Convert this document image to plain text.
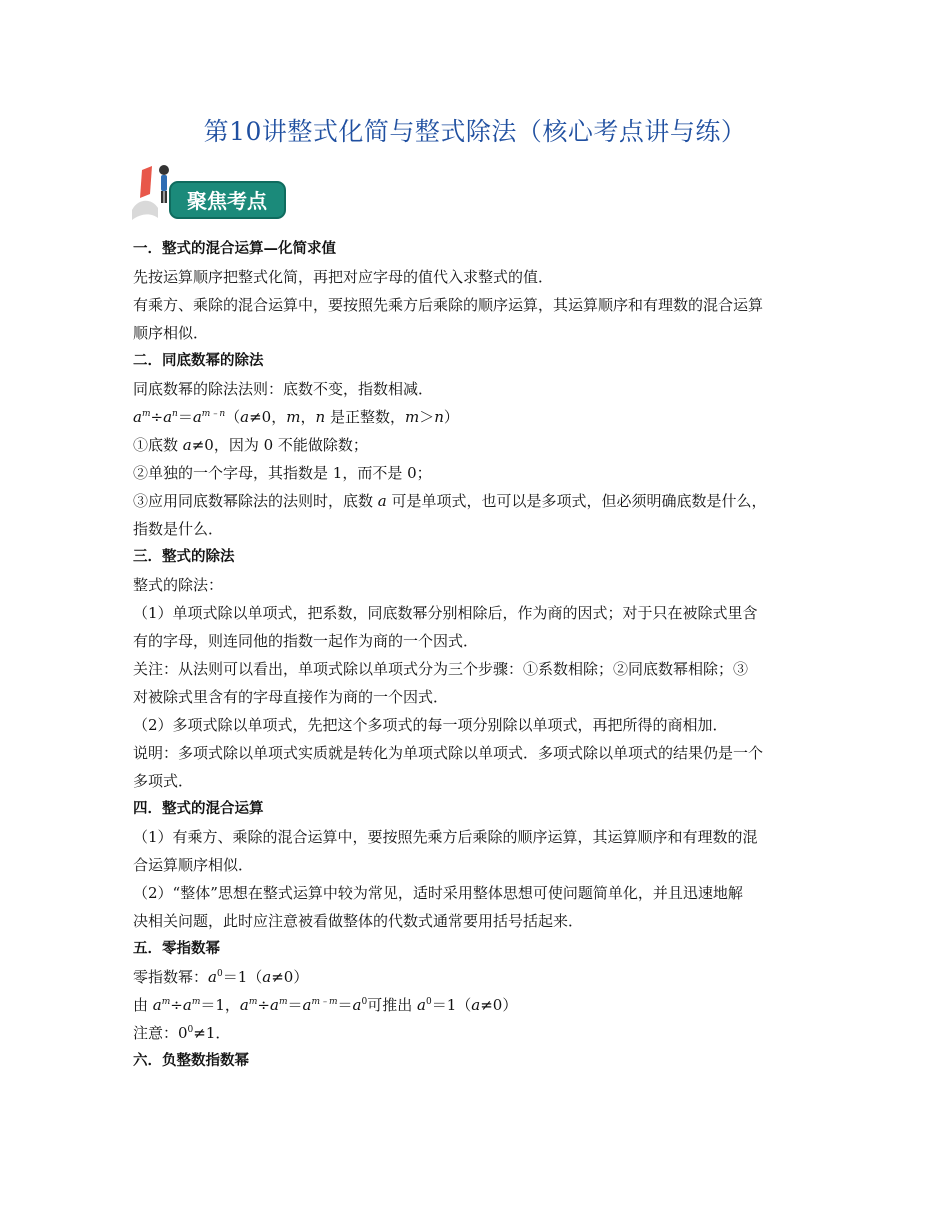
第10讲整式化简与整式除法（核心考点讲与练）
聚焦考点

一．整式的混合运算—化简求值

先按运算顺序把整式化简，再把对应字母的值代入求整式的值．

有乘方、乘除的混合运算中，要按照先乘方后乘除的顺序运算，其运算顺序和有理数的混合运算

顺序相似．

二．同底数幂的除法

同底数幂的除法法则：底数不变，指数相减．

$a^m\div a^n=a^{m﹣n}(a\ne 0$，m，n 是正整数，m＞n）

①底数 a≠0，因为 0 不能做除数；

②单独的一个字母，其指数是 1，而不是 0；

③应用同底数幂除法的法则时，底数 a 可是单项式，也可以是多项式，但必须明确底数是什么，

指数是什么．

三．整式的除法

整式的除法：

（1）单项式除以单项式，把系数，同底数幂分别相除后，作为商的因式；对于只在被除式里含

有的字母，则连同他的指数一起作为商的一个因式．

关注：从法则可以看出，单项式除以单项式分为三个步骤：①系数相除；②同底数幂相除；③

对被除式里含有的字母直接作为商的一个因式．

（2）多项式除以单项式，先把这个多项式的每一项分别除以单项式，再把所得的商相加．

说明：多项式除以单项式实质就是转化为单项式除以单项式．多项式除以单项式的结果仍是一个

多项式．

四．整式的混合运算

（1）有乘方、乘除的混合运算中，要按照先乘方后乘除的顺序运算，其运算顺序和有理数的混

合运算顺序相似．

（2）“整体”思想在整式运算中较为常见，适时采用整体思想可使问题简单化，并且迅速地解

决相关问题，此时应注意被看做整体的代数式通常要用括号括起来．

五．零指数幂

零指数幂：$a^0=1(a\ne 0)$

由 $a^m\div a^m=1$，$a^m\div a^m=a^{m﹣m}=a^0$可推出 $a^0=1(a\ne 0)$

注意：$0^0\ne 1$．

六．负整数指数幂
